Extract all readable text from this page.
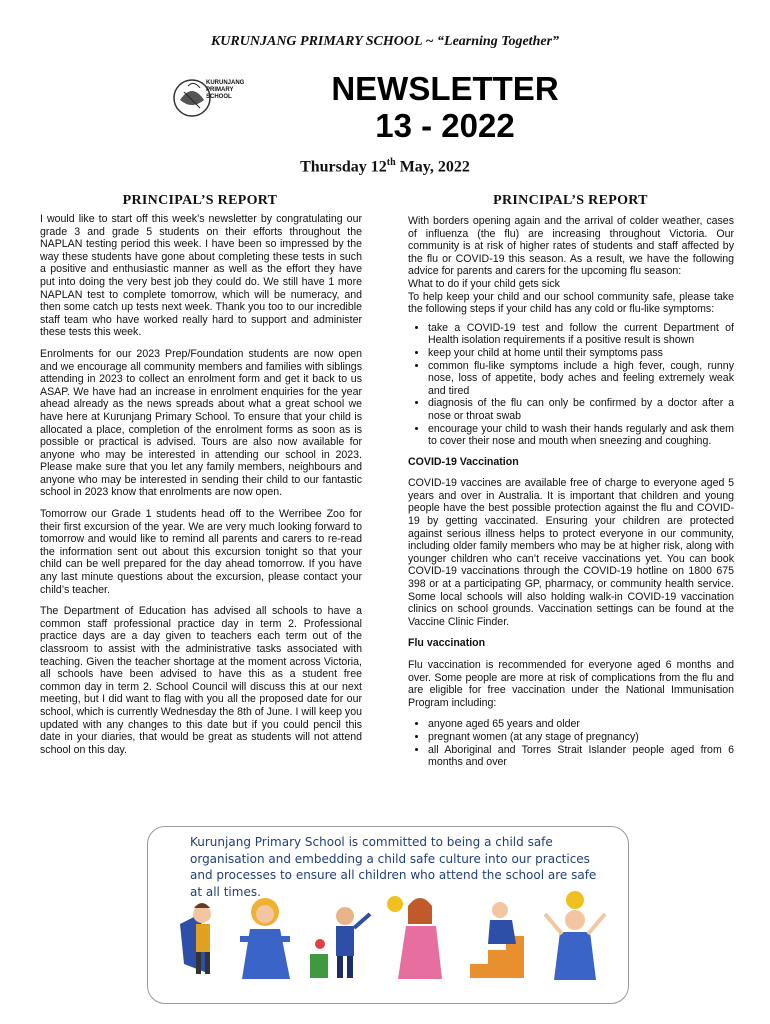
KURUNJANG PRIMARY SCHOOL ~ “Learning Together”
KURUNJANG
PRIMARY
SCHOOL	NEWSLETTER
13 - 2022
Thursday 12th May, 2022
PRINCIPAL’S REPORT

I would like to start off this week’s newsletter by congratulating our grade 3 and grade 5 students on their efforts throughout the NAPLAN testing period this week. I have been so impressed by the way these students have gone about completing these tests in such a positive and enthusiastic manner as well as the effort they have put into doing the very best job they could do. We still have 1 more NAPLAN test to complete tomorrow, which will be numeracy, and then some catch up tests next week. Thank you too to our incredible staff team who have worked really hard to support and administer these tests this week.

Enrolments for our 2023 Prep/Foundation students are now open and we encourage all community members and families with siblings attending in 2023 to collect an enrolment form and get it back to us ASAP. We have had an increase in enrolment enquiries for the year ahead already as the news spreads about what a great school we have here at Kurunjang Primary School. To ensure that your child is allocated a place, completion of the enrolment forms as soon as is possible or practical is advised. Tours are also now available for anyone who may be interested in attending our school in 2023. Please make sure that you let any family members, neighbours and anyone who may be interested in sending their child to our fantastic school in 2023 know that enrolments are now open.

Tomorrow our Grade 1 students head off to the Werribee Zoo for their first excursion of the year. We are very much looking forward to tomorrow and would like to remind all parents and carers to re-read the information sent out about this excursion tonight so that your child can be well prepared for the day ahead tomorrow. If you have any last minute questions about the excursion, please contact your child’s teacher.

The Department of Education has advised all schools to have a common staff professional practice day in term 2. Professional practice days are a day given to teachers each term out of the classroom to assist with the administrative tasks associated with teaching. Given the teacher shortage at the moment across Victoria, all schools have been advised to have this as a student free common day in term 2. School Council will discuss this at our next meeting, but I did want to flag with you all the proposed date for our school, which is currently Wednesday the 8th of June. I will keep you updated with any changes to this date but if you could pencil this date in your diaries, that would be great as students will not attend school on this day.

PRINCIPAL’S REPORT

With borders opening again and the arrival of colder weather, cases of influenza (the flu) are increasing throughout Victoria. Our community is at risk of higher rates of students and staff affected by the flu or COVID-19 this season. As a result, we have the following advice for parents and carers for the upcoming flu season:

What to do if your child gets sick

To help keep your child and our school community safe, please take the following steps if your child has any cold or flu-like symptoms:

• take a COVID-19 test and follow the current Department of Health isolation requirements if a positive result is shown
• keep your child at home until their symptoms pass
• common flu-like symptoms include a high fever, cough, runny nose, loss of appetite, body aches and feeling extremely weak and tired
• diagnosis of the flu can only be confirmed by a doctor after a nose or throat swab
• encourage your child to wash their hands regularly and ask them to cover their nose and mouth when sneezing and coughing.

COVID-19 Vaccination

COVID-19 vaccines are available free of charge to everyone aged 5 years and over in Australia. It is important that children and young people have the best possible protection against the flu and COVID-19 by getting vaccinated. Ensuring your children are protected against serious illness helps to protect everyone in our community, including older family members who may be at higher risk, along with younger children who can’t receive vaccinations yet. You can book COVID-19 vaccinations through the COVID-19 hotline on 1800 675 398 or at a participating GP, pharmacy, or community health service. Some local schools will also holding walk-in COVID-19 vaccination clinics on school grounds. Vaccination settings can be found at the Vaccine Clinic Finder.

Flu vaccination

Flu vaccination is recommended for everyone aged 6 months and over. Some people are more at risk of complications from the flu and are eligible for free vaccination under the National Immunisation Program including:

• anyone aged 65 years and older
• pregnant women (at any stage of pregnancy)
• all Aboriginal and Torres Strait Islander people aged from 6 months and over
Kurunjang Primary School is committed to being a child safe organisation and embedding a child safe culture into our practices and processes to ensure all children who attend the school are safe at all times.
